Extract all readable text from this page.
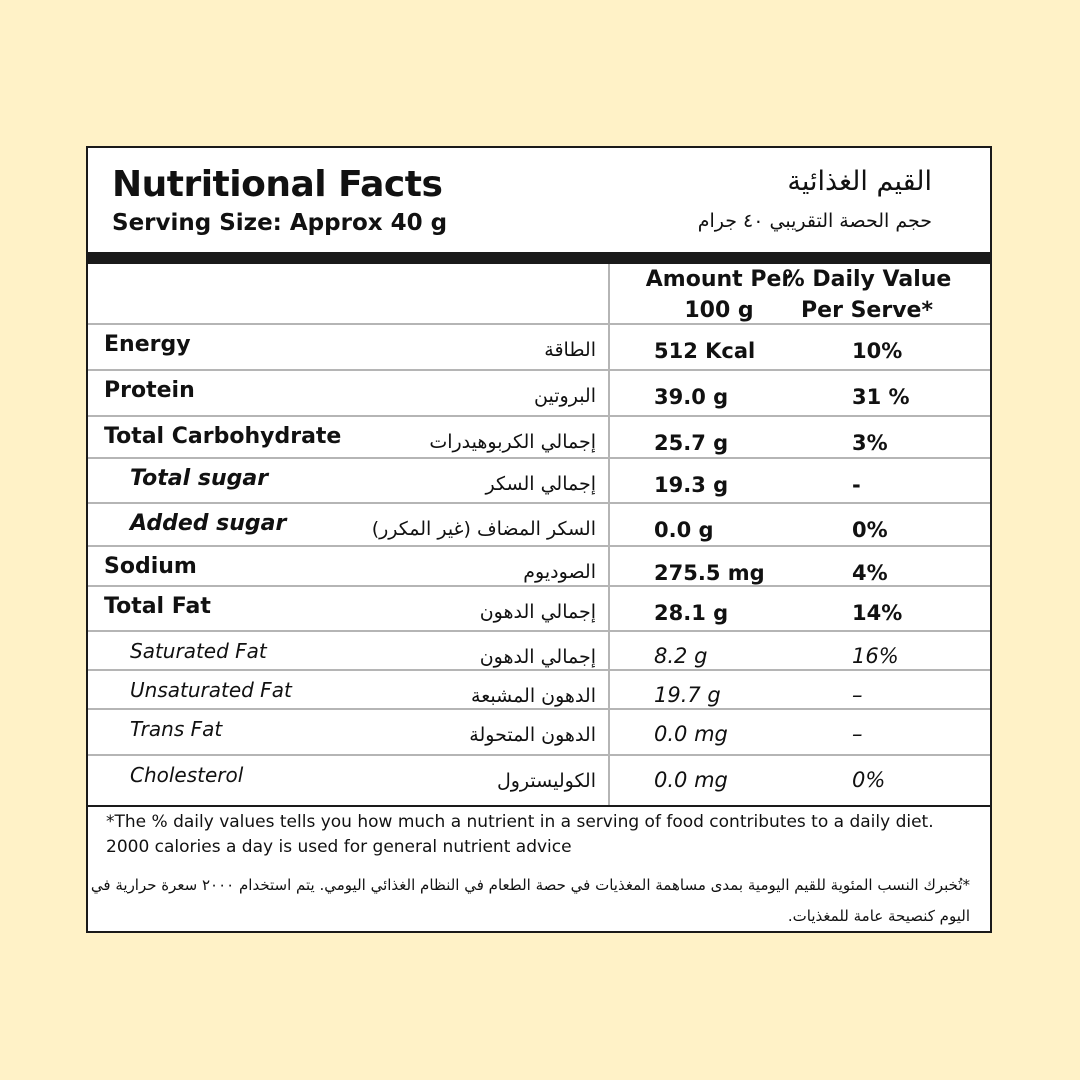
Nutritional Facts
Serving Size: Approx 40 g
القيم الغذائية
حجم الحصة التقريبي ٤٠ جرام
Amount Per
100 g
% Daily Value
Per Serve*
Energy	الطاقة	512 Kcal	10%
Protein	البروتين	39.0 g	31 %
Total Carbohydrate	إجمالي الكربوهيدرات	25.7 g	3%
Total sugar	إجمالي السكر	19.3 g	-
Added sugar	السكر المضاف (غير المكرر)	0.0 g	0%
Sodium	الصوديوم	275.5 mg	4%
Total Fat	إجمالي الدهون	28.1 g	14%
Saturated Fat	إجمالي الدهون	8.2 g	16%
Unsaturated Fat	الدهون المشبعة	19.7 g	–
Trans Fat	الدهون المتحولة	0.0 mg	–
Cholesterol	الكوليسترول	0.0 mg	0%
*The % daily values tells you how much a nutrient in a serving of food contributes to a daily diet. 2000 calories a day is used for general nutrient advice
*تُخبرك النسب المئوية للقيم اليومية بمدى مساهمة المغذيات في حصة الطعام في النظام الغذائي اليومي. يتم استخدام ٢٠٠٠ سعرة حرارية في اليوم كنصيحة عامة للمغذيات.
